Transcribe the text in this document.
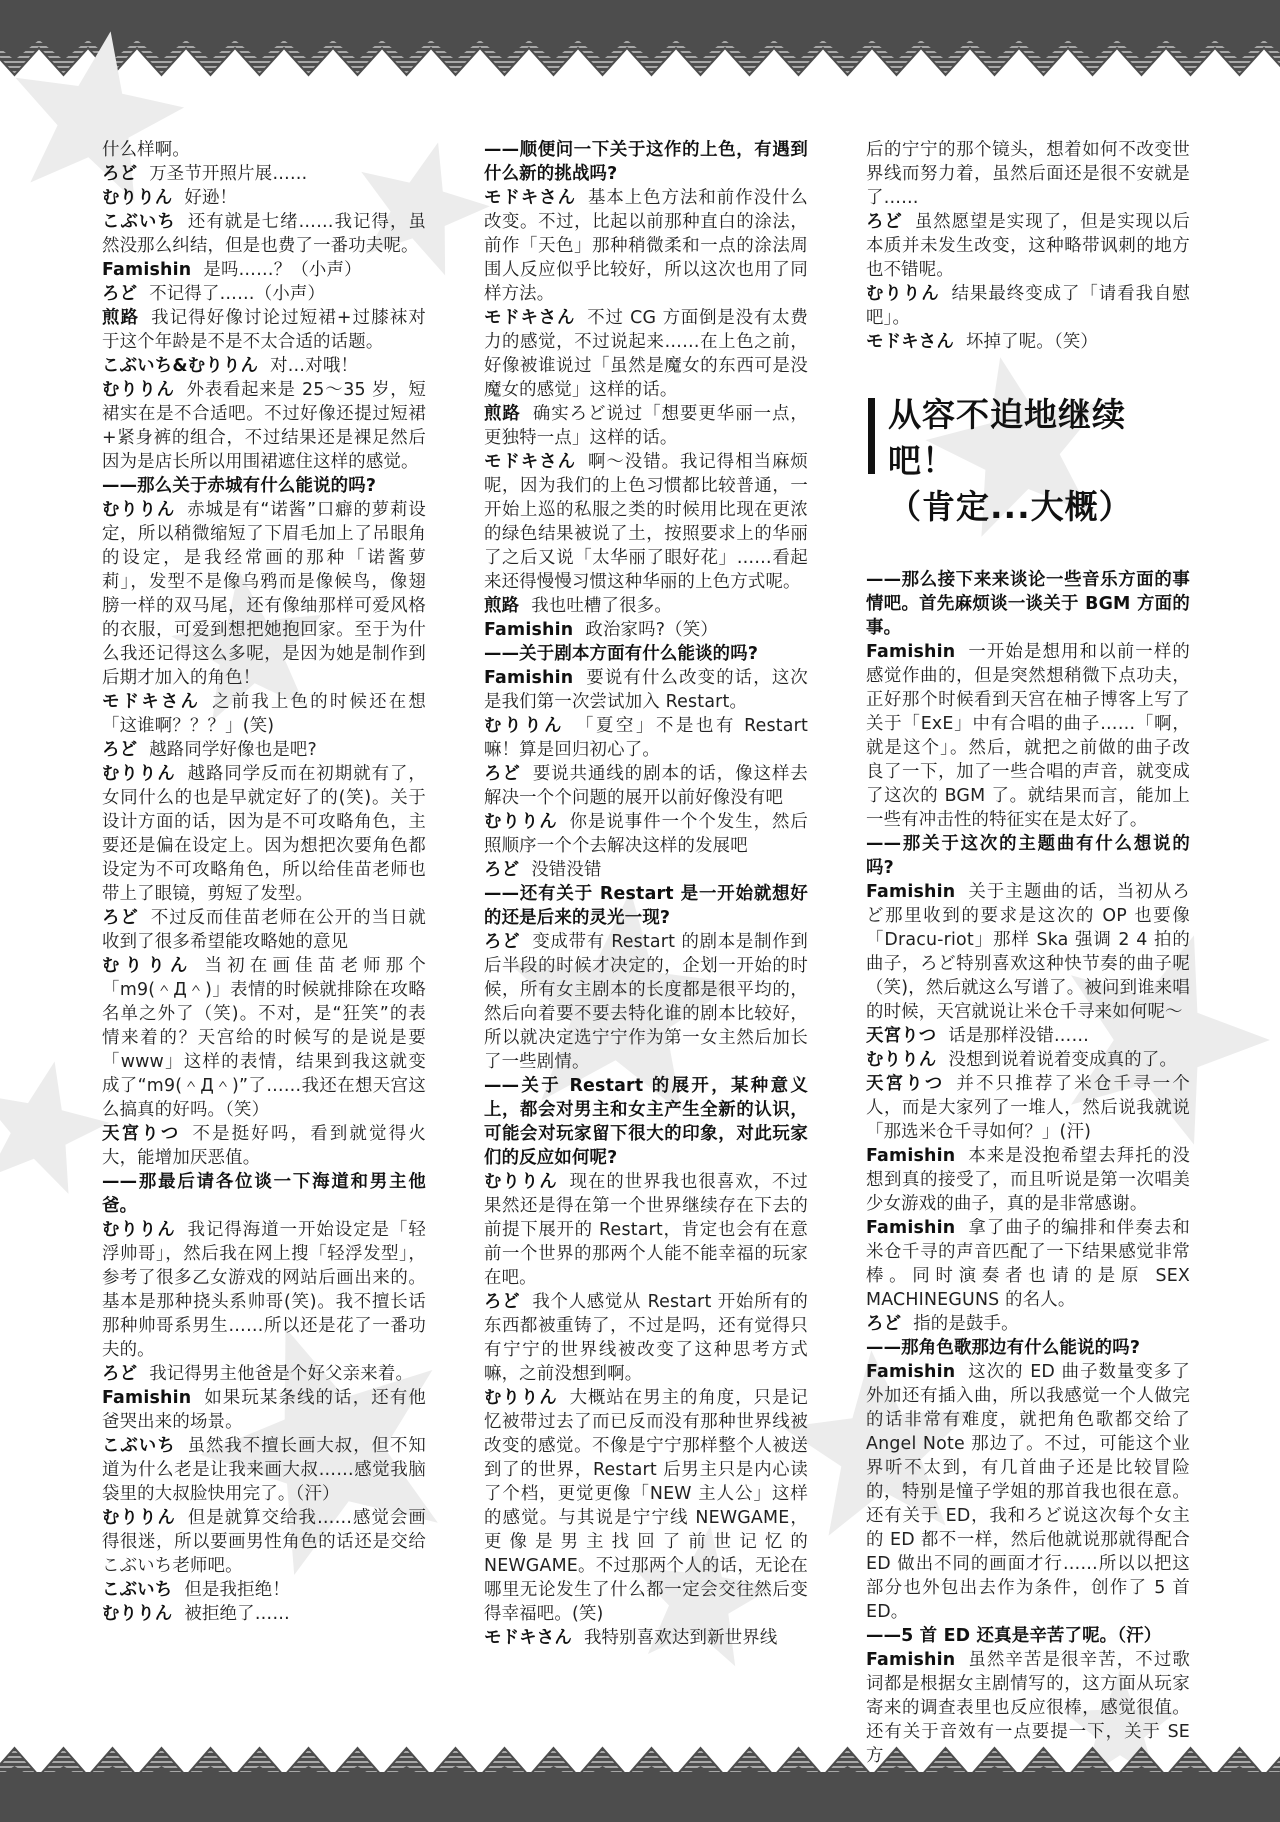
什么样啊。

ろど 万圣节开照片展……

むりりん 好逊！

こぶいち 还有就是七绪……我记得，虽然没那么纠结，但是也费了一番功夫呢。

Famishin 是吗……？（小声）

ろど 不记得了……（小声）

煎路 我记得好像讨论过短裙+过膝袜对于这个年龄是不是不太合适的话题。

こぶいち&むりりん 对…对哦！

むりりん 外表看起来是 25～35 岁，短裙实在是不合适吧。不过好像还提过短裙+紧身裤的组合，不过结果还是裸足然后因为是店长所以用围裙遮住这样的感觉。

——那么关于赤城有什么能说的吗?

むりりん 赤城是有“诺酱”口癖的萝莉设定，所以稍微缩短了下眉毛加上了吊眼角的设定，是我经常画的那种「诺酱萝莉」，发型不是像乌鸦而是像候鸟，像翅膀一样的双马尾，还有像䌷那样可爱风格的衣服，可爱到想把她抱回家。至于为什么我还记得这么多呢，是因为她是制作到后期才加入的角色！

モドキさん 之前我上色的时候还在想「这谁啊？？？」(笑)

ろど 越路同学好像也是吧?

むりりん 越路同学反而在初期就有了，女同什么的也是早就定好了的(笑)。关于设计方面的话，因为是不可攻略角色，主要还是偏在设定上。因为想把次要角色都设定为不可攻略角色，所以给佳苗老师也带上了眼镜，剪短了发型。

ろど 不过反而佳苗老师在公开的当日就收到了很多希望能攻略她的意见

むりりん 当初在画佳苗老师那个「m9(＾Д＾)」表情的时候就排除在攻略名单之外了（笑)。不对，是“狂笑”的表情来着的？天宫给的时候写的是说是要「www」这样的表情，结果到我这就变成了“m9(＾Д＾)”了……我还在想天宫这么搞真的好吗。（笑）

天宮りつ 不是挺好吗，看到就觉得火大，能增加厌恶值。

——那最后请各位谈一下海道和男主他爸。

むりりん 我记得海道一开始设定是「轻浮帅哥」，然后我在网上搜「轻浮发型」，参考了很多乙女游戏的网站后画出来的。基本是那种挠头系帅哥(笑)。我不擅长话那种帅哥系男生……所以还是花了一番功夫的。

ろど 我记得男主他爸是个好父亲来着。

Famishin 如果玩某条线的话，还有他爸哭出来的场景。

こぶいち 虽然我不擅长画大叔，但不知道为什么老是让我来画大叔……感觉我脑袋里的大叔脸快用完了。（汗）

むりりん 但是就算交给我……感觉会画得很迷，所以要画男性角色的话还是交给こぶいち老师吧。

こぶいち 但是我拒绝！

むりりん 被拒绝了……

——顺便问一下关于这作的上色，有遇到什么新的挑战吗?

モドキさん 基本上色方法和前作没什么改变。不过，比起以前那种直白的涂法，前作「天色」那种稍微柔和一点的涂法周围人反应似乎比较好，所以这次也用了同样方法。

モドキさん 不过 CG 方面倒是没有太费力的感觉，不过说起来……在上色之前，好像被谁说过「虽然是魔女的东西可是没魔女的感觉」这样的话。

煎路 确实ろど说过「想要更华丽一点，更独特一点」这样的话。

モドキさん 啊～没错。我记得相当麻烦呢，因为我们的上色习惯都比较普通，一开始上巡的私服之类的时候用比现在更浓的绿色结果被说了土，按照要求上的华丽了之后又说「太华丽了眼好花」……看起来还得慢慢习惯这种华丽的上色方式呢。

煎路 我也吐槽了很多。

Famishin 政治家吗?（笑）

——关于剧本方面有什么能谈的吗?

Famishin 要说有什么改变的话，这次是我们第一次尝试加入 Restart。

むりりん 「夏空」不是也有 Restart 嘛！算是回归初心了。

ろど 要说共通线的剧本的话，像这样去解决一个个问题的展开以前好像没有吧

むりりん 你是说事件一个个发生，然后照顺序一个个去解决这样的发展吧

ろど 没错没错

——还有关于 Restart 是一开始就想好的还是后来的灵光一现?

ろど 变成带有 Restart 的剧本是制作到后半段的时候才决定的，企划一开始的时候，所有女主剧本的长度都是很平均的，然后向着要不要去特化谁的剧本比较好，所以就决定选宁宁作为第一女主然后加长了一些剧情。

——关于 Restart 的展开，某种意义上，都会对男主和女主产生全新的认识，可能会对玩家留下很大的印象，对此玩家们的反应如何呢?

むりりん 现在的世界我也很喜欢，不过果然还是得在第一个世界继续存在下去的前提下展开的 Restart，肯定也会有在意前一个世界的那两个人能不能幸福的玩家在吧。

ろど 我个人感觉从 Restart 开始所有的东西都被重铸了，不过是吗，还有觉得只有宁宁的世界线被改变了这种思考方式嘛，之前没想到啊。

むりりん 大概站在男主的角度，只是记忆被带过去了而已反而没有那种世界线被改变的感觉。不像是宁宁那样整个人被送到了的世界，Restart 后男主只是内心读了个档，更觉更像「NEW 主人公」这样的感觉。与其说是宁宁线 NEWGAME，更像是男主找回了前世记忆的 NEWGAME。不过那两个人的话，无论在哪里无论发生了什么都一定会交往然后变得幸福吧。(笑)

モドキさん 我特别喜欢达到新世界线

后的宁宁的那个镜头，想着如何不改变世界线而努力着，虽然后面还是很不安就是了……

ろど 虽然愿望是实现了，但是实现以后本质并未发生改变，这种略带讽刺的地方也不错呢。

むりりん 结果最终变成了「请看我自慰吧」。

モドキさん 坏掉了呢。（笑）

从容不迫地继续吧！
（肯定...大概）

——那么接下来来谈论一些音乐方面的事情吧。首先麻烦谈一谈关于 BGM 方面的事。

Famishin 一开始是想用和以前一样的感觉作曲的，但是突然想稍微下点功夫，正好那个时候看到天宫在柚子博客上写了关于「ExE」中有合唱的曲子……「啊，就是这个」。然后，就把之前做的曲子改良了一下，加了一些合唱的声音，就变成了这次的 BGM 了。就结果而言，能加上一些有冲击性的特征实在是太好了。

——那关于这次的主题曲有什么想说的吗?

Famishin 关于主题曲的话，当初从ろど那里收到的要求是这次的 OP 也要像「Dracu-riot」那样 Ska 强调 2 4 拍的曲子，ろど特别喜欢这种快节奏的曲子呢（笑)，然后就这么写谱了。被问到谁来唱的时候，天宫就说让米仓千寻来如何呢～

天宮りつ 话是那样没错……

むりりん 没想到说着说着变成真的了。

天宮りつ 并不只推荐了米仓千寻一个人，而是大家列了一堆人，然后说我就说「那选米仓千寻如何？」(汗)

Famishin 本来是没抱希望去拜托的没想到真的接受了，而且听说是第一次唱美少女游戏的曲子，真的是非常感谢。

Famishin 拿了曲子的编排和伴奏去和米仓千寻的声音匹配了一下结果感觉非常棒。同时演奏者也请的是原 SEX MACHINEGUNS 的名人。

ろど 指的是鼓手。

——那角色歌那边有什么能说的吗?

Famishin 这次的 ED 曲子数量变多了外加还有插入曲，所以我感觉一个人做完的话非常有难度，就把角色歌都交给了 Angel Note 那边了。不过，可能这个业界听不太到，有几首曲子还是比较冒险的，特别是憧子学姐的那首我也很在意。还有关于 ED，我和ろど说这次每个女主的 ED 都不一样，然后他就说那就得配合 ED 做出不同的画面才行……所以以把这部分也外包出去作为条件，创作了 5 首 ED。

——5 首 ED 还真是辛苦了呢。（汗）

Famishin 虽然辛苦是很辛苦，不过歌词都是根据女主剧情写的，这方面从玩家寄来的调查表里也反应很棒，感觉很值。还有关于音效有一点要提一下，关于 SE 方
